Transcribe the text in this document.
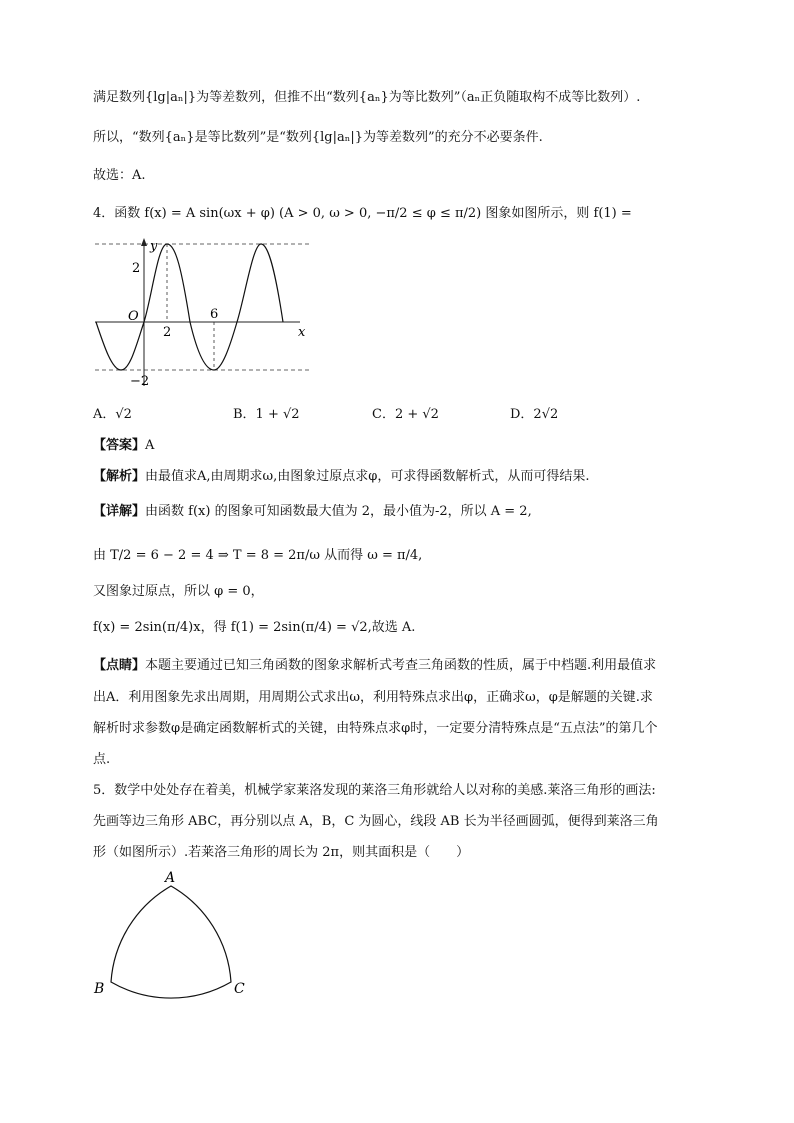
满足数列{lg|aₙ|}为等差数列，但推不出“数列{aₙ}为等比数列”（aₙ正负随取构不成等比数列）.
所以，“数列{aₙ}是等比数列”是“数列{lg|aₙ|}为等差数列”的充分不必要条件.
故选：A.
4．函数 f(x) = A sin(ωx + φ) (A > 0, ω > 0, −π/2 ≤ φ ≤ π/2) 图象如图所示，则 f(1) =
y
x
O
2
−2
2
6
A．√2	B．1 + √2	C．2 + √2	D．2√2
【答案】A
【解析】由最值求A,由周期求ω,由图象过原点求φ，可求得函数解析式，从而可得结果.
【详解】由函数 f(x) 的图象可知函数最大值为 2，最小值为-2，所以 A = 2,
由 T/2 = 6 − 2 = 4 ⇒ T = 8 = 2π/ω 从而得 ω = π/4,
又图象过原点，所以 φ = 0，
f(x) = 2sin(π/4)x，得 f(1) = 2sin(π/4) = √2,故选 A.
【点睛】本题主要通过已知三角函数的图象求解析式考查三角函数的性质，属于中档题.利用最值求
出A．利用图象先求出周期，用周期公式求出ω，利用特殊点求出φ，正确求ω，φ是解题的关键.求
解析时求参数φ是确定函数解析式的关键，由特殊点求φ时，一定要分清特殊点是“五点法”的第几个
点.
5．数学中处处存在着美，机械学家莱洛发现的莱洛三角形就给人以对称的美感.莱洛三角形的画法:
先画等边三角形 ABC，再分别以点 A，B，C 为圆心，线段 AB 长为半径画圆弧，便得到莱洛三角
形（如图所示）.若莱洛三角形的周长为 2π，则其面积是（　　）
A
B	C
